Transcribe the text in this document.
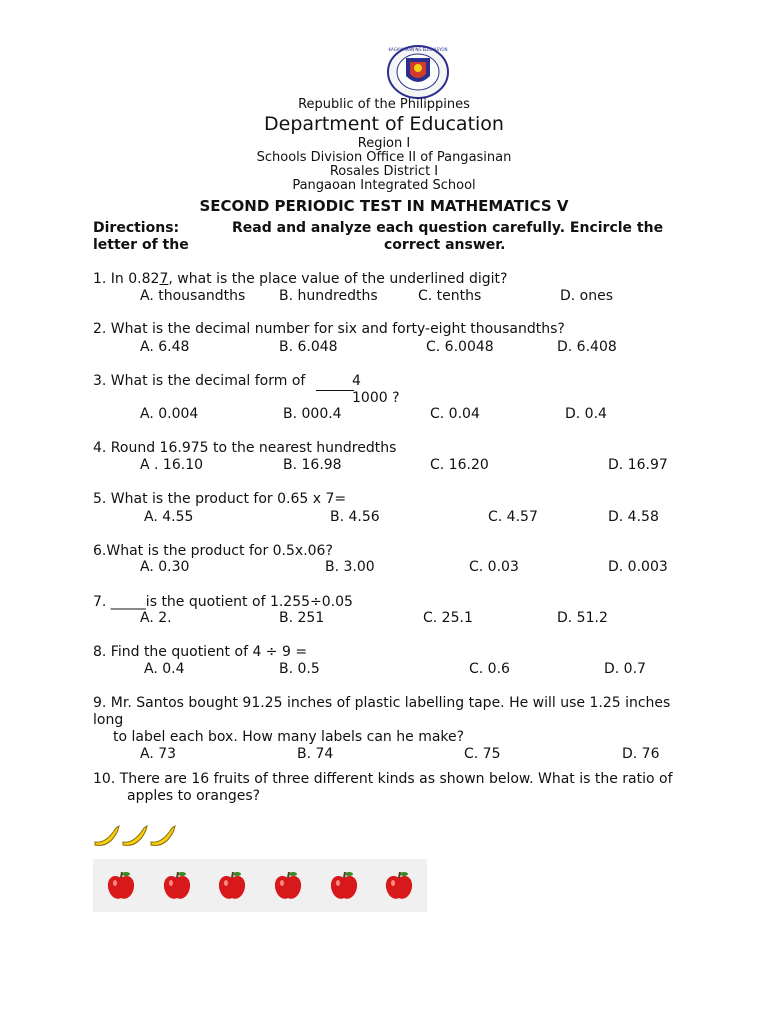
KAGAWARAN NG EDUKASYON
Republic of the Philippines
Department of Education
Region I
Schools Division Office II of Pangasinan
Rosales District I
Pangaoan Integrated School
SECOND PERIODIC TEST IN MATHEMATICS V
Directions:	Read and analyze each question carefully. Encircle the
letter of the	correct answer.
1. In 0.827, what is the place value of the underlined digit?
A. thousandths B. hundredths	C. tenths	D. ones
2. What is the decimal number for six and forty-eight thousandths?
A. 6.48	B. 6.048	C. 6.0048	D. 6.408
3. What is the decimal form of	4
1000 ?
A. 0.004	B. 000.4	C. 0.04	D. 0.4
4. Round 16.975 to the nearest hundredths
A . 16.10	B. 16.98	C. 16.20	D. 16.97
5. What is the product for 0.65 x 7=
A. 4.55	B. 4.56	C. 4.57	D. 4.58
6.What is the product for 0.5x.06?
A. 0.30	B. 3.00	C. 0.03	D. 0.003
7. _____is the quotient of 1.255÷0.05
A. 2.	B. 251	C. 25.1	D. 51.2
8. Find the quotient of 4 ÷ 9 =
A. 0.4	B. 0.5	C. 0.6	D. 0.7
9. Mr. Santos bought 91.25 inches of plastic labelling tape. He will use 1.25 inches
long
to label each box. How many labels can he make?
A. 73	B. 74	C. 75	D. 76
10. There are 16 fruits of three different kinds as shown below. What is the ratio of
apples to oranges?
